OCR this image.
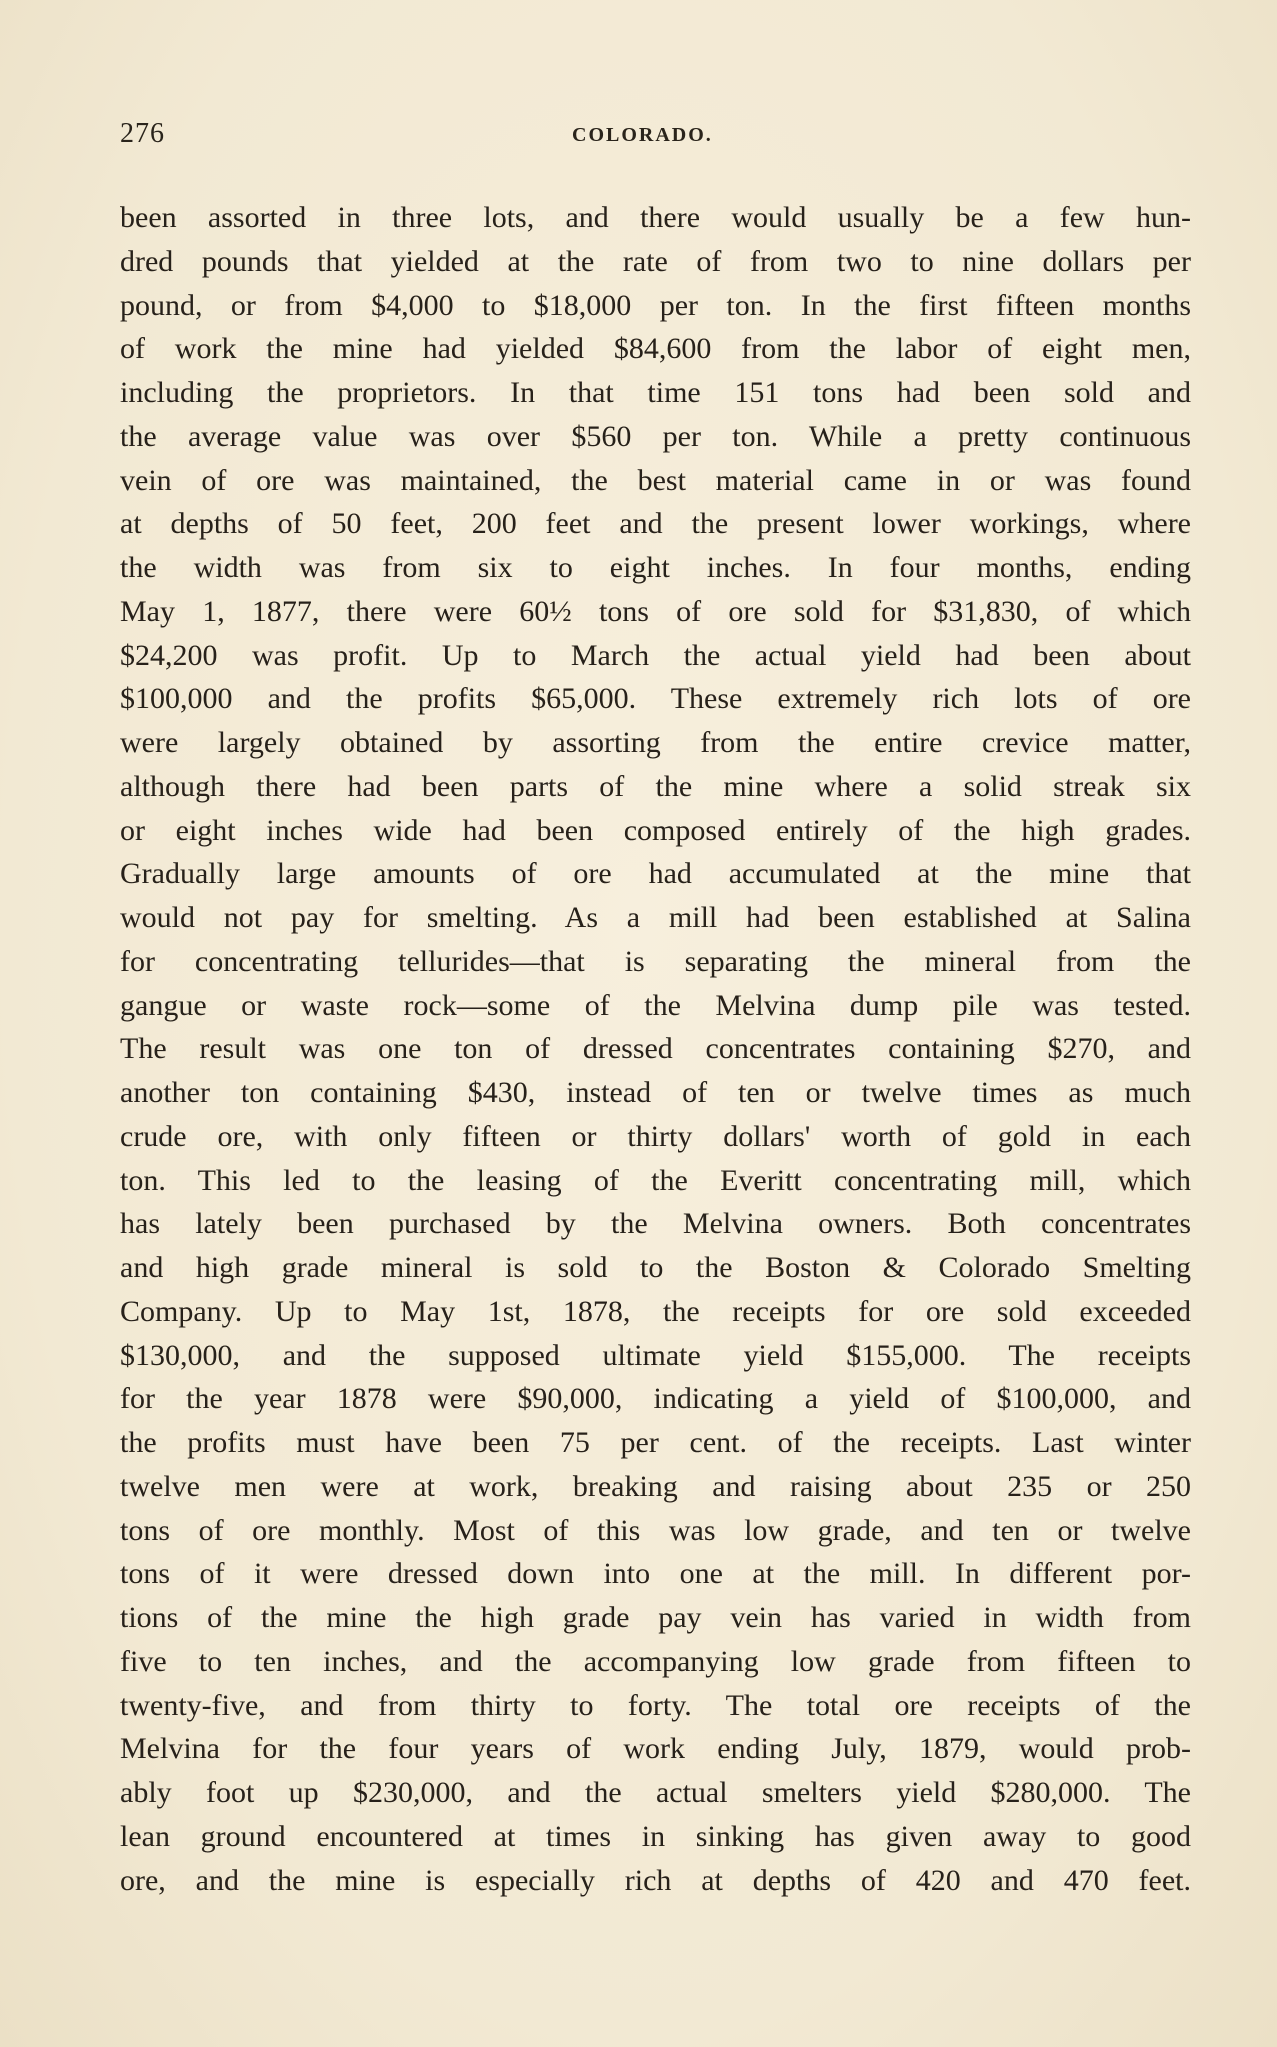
276	COLORADO.
been assorted in three lots, and there would usually be a few hun-
dred pounds that yielded at the rate of from two to nine dollars per
pound, or from $4,000 to $18,000 per ton. In the first fifteen months
of work the mine had yielded $84,600 from the labor of eight men,
including the proprietors. In that time 151 tons had been sold and
the average value was over $560 per ton. While a pretty continuous
vein of ore was maintained, the best material came in or was found
at depths of 50 feet, 200 feet and the present lower workings, where
the width was from six to eight inches. In four months, ending
May 1, 1877, there were 60½ tons of ore sold for $31,830, of which
$24,200 was profit. Up to March the actual yield had been about
$100,000 and the profits $65,000. These extremely rich lots of ore
were largely obtained by assorting from the entire crevice matter,
although there had been parts of the mine where a solid streak six
or eight inches wide had been composed entirely of the high grades.
Gradually large amounts of ore had accumulated at the mine that
would not pay for smelting. As a mill had been established at Salina
for concentrating tellurides—that is separating the mineral from the
gangue or waste rock—some of the Melvina dump pile was tested.
The result was one ton of dressed concentrates containing $270, and
another ton containing $430, instead of ten or twelve times as much
crude ore, with only fifteen or thirty dollars' worth of gold in each
ton. This led to the leasing of the Everitt concentrating mill, which
has lately been purchased by the Melvina owners. Both concentrates
and high grade mineral is sold to the Boston & Colorado Smelting
Company. Up to May 1st, 1878, the receipts for ore sold exceeded
$130,000, and the supposed ultimate yield $155,000. The receipts
for the year 1878 were $90,000, indicating a yield of $100,000, and
the profits must have been 75 per cent. of the receipts. Last winter
twelve men were at work, breaking and raising about 235 or 250
tons of ore monthly. Most of this was low grade, and ten or twelve
tons of it were dressed down into one at the mill. In different por-
tions of the mine the high grade pay vein has varied in width from
five to ten inches, and the accompanying low grade from fifteen to
twenty-five, and from thirty to forty. The total ore receipts of the
Melvina for the four years of work ending July, 1879, would prob-
ably foot up $230,000, and the actual smelters yield $280,000. The
lean ground encountered at times in sinking has given away to good
ore, and the mine is especially rich at depths of 420 and 470 feet.
